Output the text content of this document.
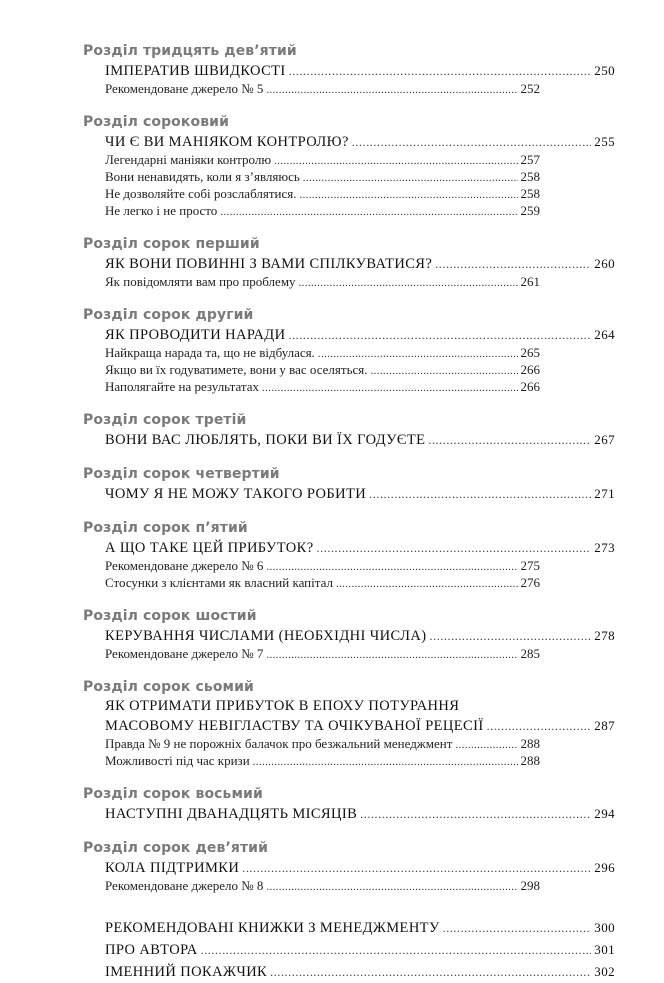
Розділ тридцять дев’ятий
ІМПЕРАТИВ ШВИДКОСТІ . . .	250
Рекомендоване джерело № 5 . . .	252
Розділ сороковий
ЧИ Є ВИ МАНІЯКОМ КОНТРОЛЮ? . . .	255
Легендарні маніяки контролю . . .	257
Вони ненавидять, коли я з’являюсь . . .	258
Не дозволяйте собі розслаблятися. . . .	258
Не легко і не просто . . .	259
Розділ сорок перший
ЯК ВОНИ ПОВИННІ З ВАМИ СПІЛКУВАТИСЯ? . . .	260
Як повідомляти вам про проблему . . .	261
Розділ сорок другий
ЯК ПРОВОДИТИ НАРАДИ . . .	264
Найкраща нарада та, що не відбулася. . . .	265
Якщо ви їх годуватимете, вони у вас оселяться. . . .	266
Наполягайте на результатах . . .	266
Розділ сорок третій
ВОНИ ВАС ЛЮБЛЯТЬ, ПОКИ ВИ ЇХ ГОДУЄТЕ . . .	267
Розділ сорок четвертий
ЧОМУ Я НЕ МОЖУ ТАКОГО РОБИТИ . . .	271
Розділ сорок п’ятий
А ЩО ТАКЕ ЦЕЙ ПРИБУТОК? . . .	273
Рекомендоване джерело № 6 . . .	275
Стосунки з клієнтами як власний капітал . . .	276
Розділ сорок шостий
КЕРУВАННЯ ЧИСЛАМИ (НЕОБХІДНІ ЧИСЛА) . . .	278
Рекомендоване джерело № 7 . . .	285
Розділ сорок сьомий
ЯК ОТРИМАТИ ПРИБУТОК В ЕПОХУ ПОТУРАННЯ
МАСОВОМУ НЕВІГЛАСТВУ ТА ОЧІКУВАНОЇ РЕЦЕСІЇ . . .	287
Правда № 9 не порожніх балачок про безжальний менеджмент . . .	288
Можливості під час кризи . . .	288
Розділ сорок восьмий
НАСТУПНІ ДВАНАДЦЯТЬ МІСЯЦІВ . . .	294
Розділ сорок дев’ятий
КОЛА ПІДТРИМКИ . . .	296
Рекомендоване джерело № 8 . . .	298
РЕКОМЕНДОВАНІ КНИЖКИ З МЕНЕДЖМЕНТУ . . .	300
ПРО АВТОРА . . .	301
ІМЕННИЙ ПОКАЖЧИК . . .	302
